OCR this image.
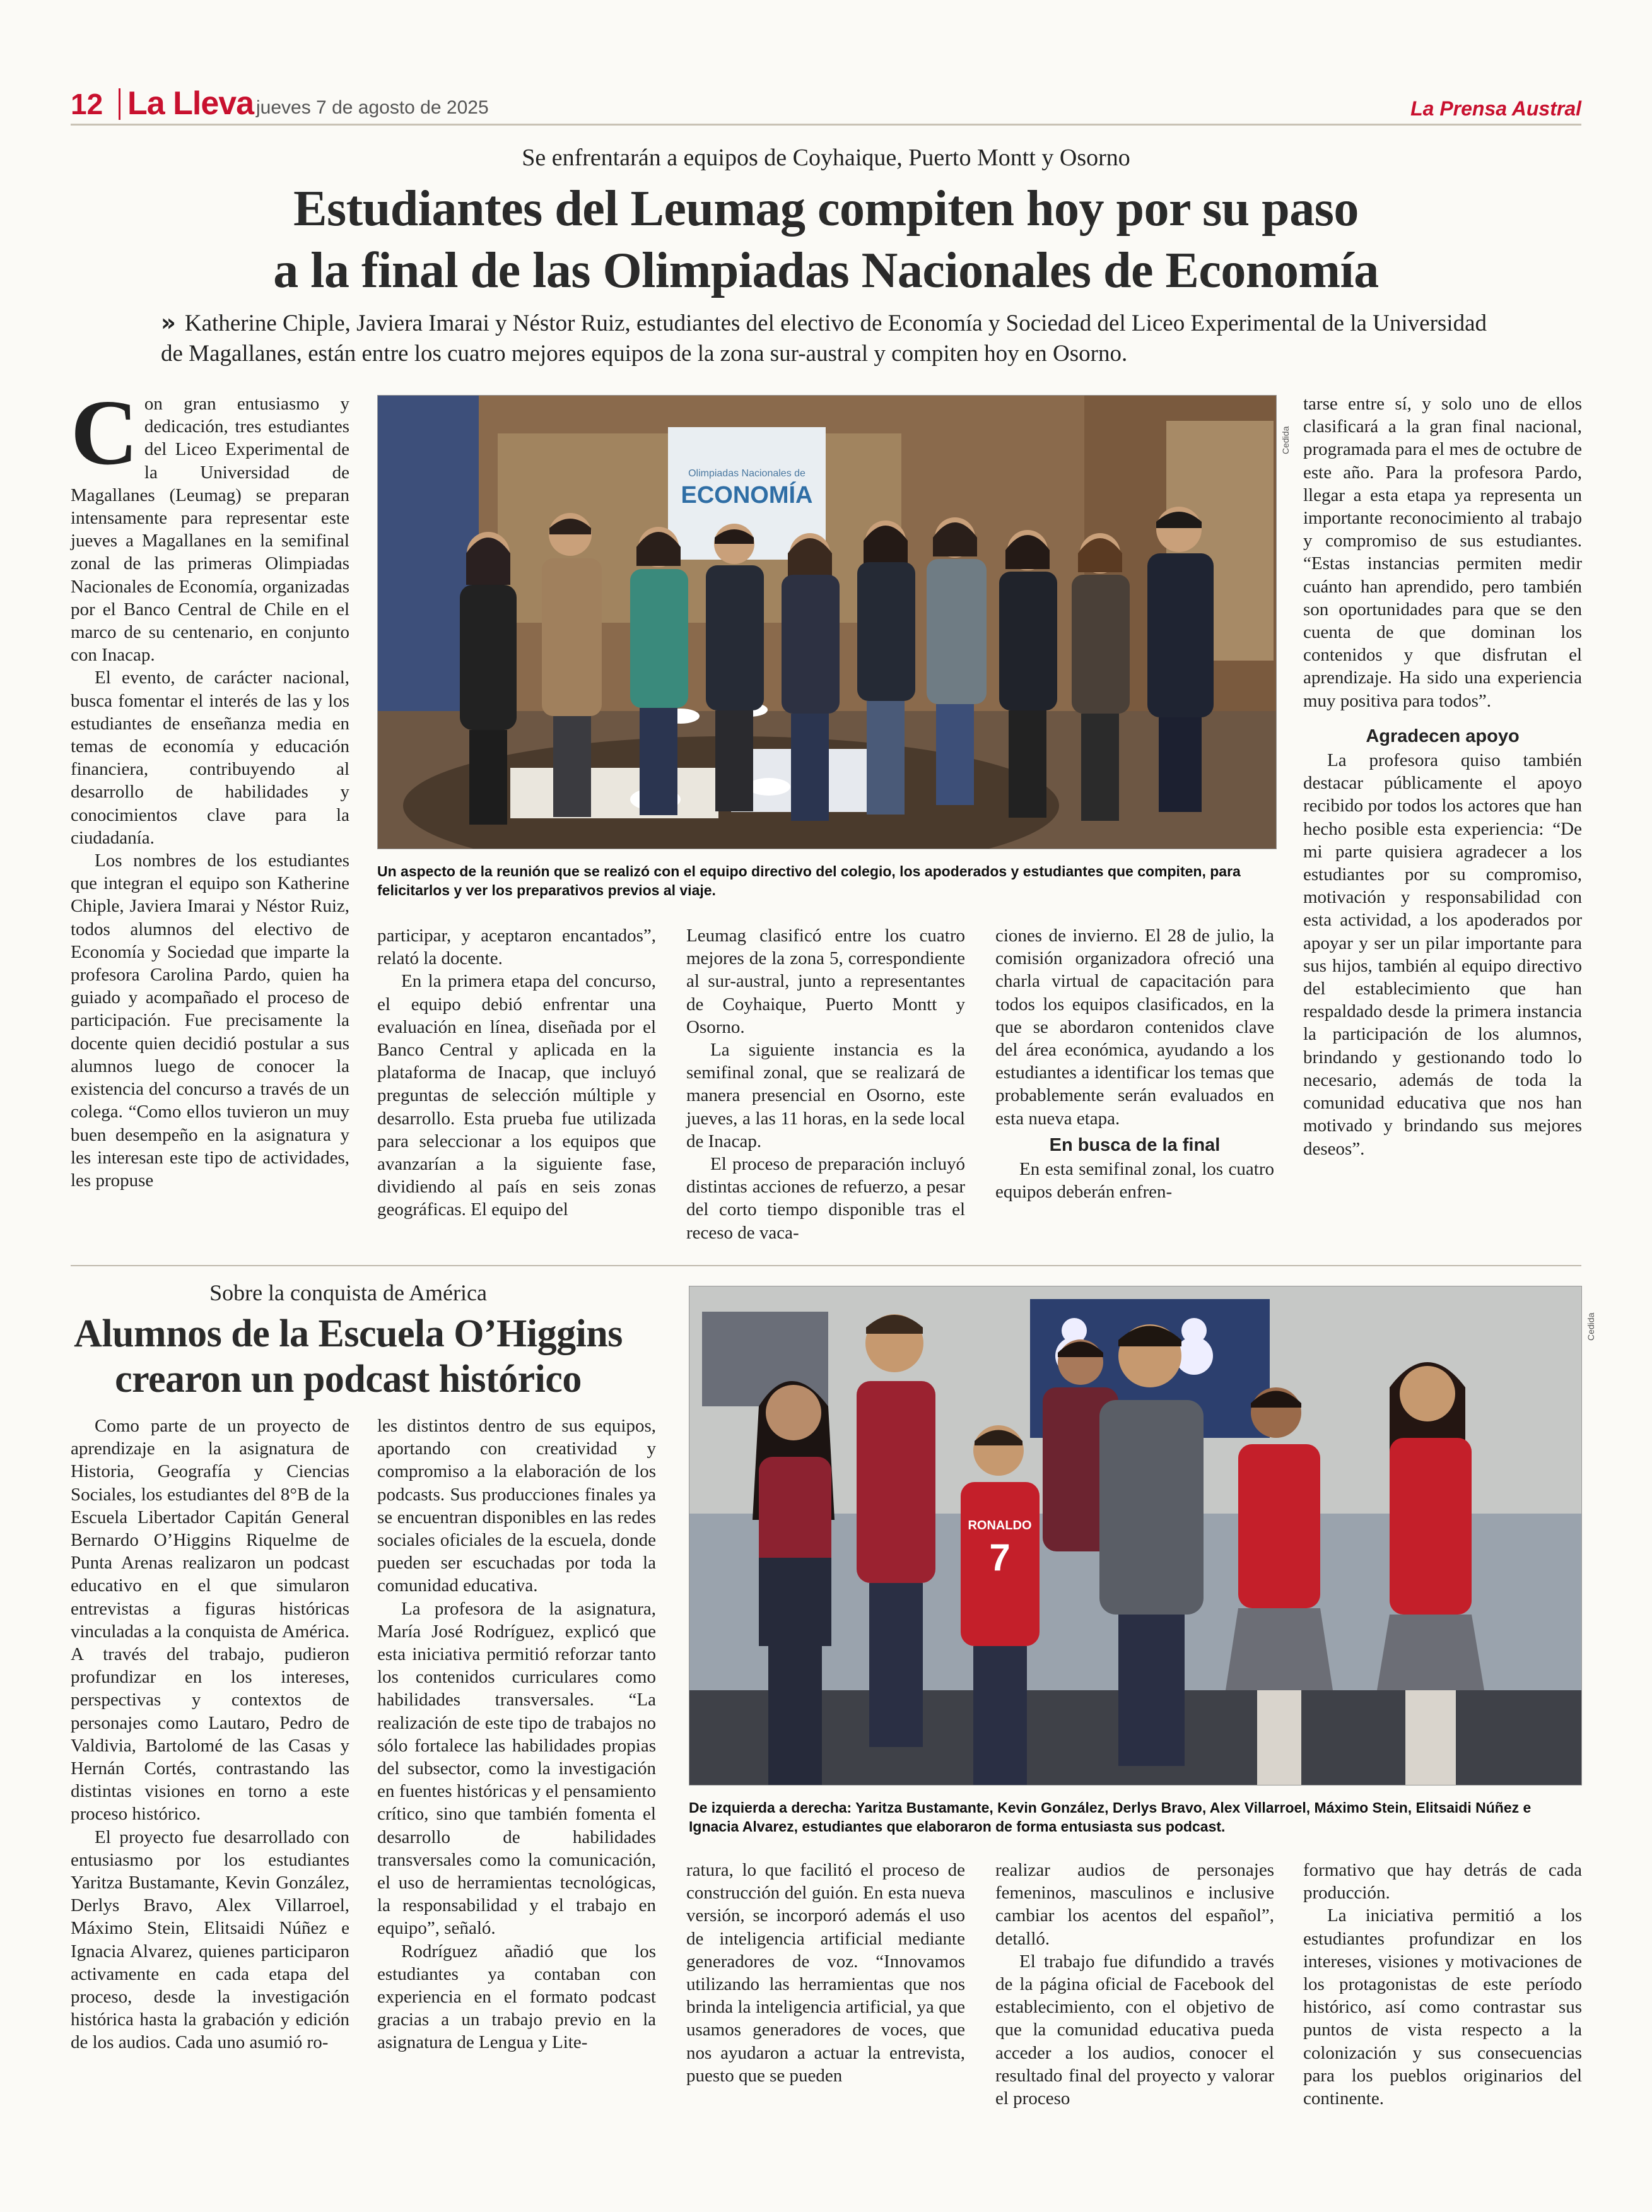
12 La Lleva jueves 7 de agosto de 2025	La Prensa Austral
Se enfrentarán a equipos de Coyhaique, Puerto Montt y Osorno
Estudiantes del Leumag compiten hoy por su paso
a la final de las Olimpiadas Nacionales de Economía
» Katherine Chiple, Javiera Imarai y Néstor Ruiz, estudiantes del electivo de Economía y Sociedad del Liceo Experimental de la Universidad de Magallanes, están entre los cuatro mejores equipos de la zona sur-austral y compiten hoy en Osorno.
C on gran entusiasmo y dedicación, tres estudiantes del Liceo Experimental de la Universidad de Magallanes (Leumag) se preparan intensamente para representar este jueves a Magallanes en la semifinal zonal de las primeras Olimpiadas Nacionales de Economía, organizadas por el Banco Central de Chile en el marco de su centenario, en conjunto con Inacap.

El evento, de carácter nacional, busca fomentar el interés de las y los estudiantes de enseñanza media en temas de economía y educación financiera, contribuyendo al desarrollo de habilidades y conocimientos clave para la ciudadanía.

Los nombres de los estudiantes que integran el equipo son Katherine Chiple, Javiera Imarai y Néstor Ruiz, todos alumnos del electivo de Economía y Sociedad que imparte la profesora Carolina Pardo, quien ha guiado y acompañado el proceso de participación. Fue precisamente la docente quien decidió postular a sus alumnos luego de conocer la existencia del concurso a través de un colega. “Como ellos tuvieron un muy buen desempeño en la asignatura y les interesan este tipo de actividades, les propuse

Olimpiadas Nacionales de
ECONOMÍA
Cedida
Un aspecto de la reunión que se realizó con el equipo directivo del colegio, los apoderados y estudiantes que compiten, para felicitarlos y ver los preparativos previos al viaje.

participar, y aceptaron encantados”, relató la docente.

En la primera etapa del concurso, el equipo debió enfrentar una evaluación en línea, diseñada por el Banco Central y aplicada en la plataforma de Inacap, que incluyó preguntas de selección múltiple y desarrollo. Esta prueba fue utilizada para seleccionar a los equipos que avanzarían a la siguiente fase, dividiendo al país en seis zonas geográficas. El equipo del

Leumag clasificó entre los cuatro mejores de la zona 5, correspondiente al sur-austral, junto a representantes de Coyhaique, Puerto Montt y Osorno.

La siguiente instancia es la semifinal zonal, que se realizará de manera presencial en Osorno, este jueves, a las 11 horas, en la sede local de Inacap.

El proceso de preparación incluyó distintas acciones de refuerzo, a pesar del corto tiempo disponible tras el receso de vaca-

ciones de invierno. El 28 de julio, la comisión organizadora ofreció una charla virtual de capacitación para todos los equipos clasificados, en la que se abordaron contenidos clave del área económica, ayudando a los estudiantes a identificar los temas que probablemente serán evaluados en esta nueva etapa.

En busca de la final

En esta semifinal zonal, los cuatro equipos deberán enfren-

tarse entre sí, y solo uno de ellos clasificará a la gran final nacional, programada para el mes de octubre de este año. Para la profesora Pardo, llegar a esta etapa ya representa un importante reconocimiento al trabajo y compromiso de sus estudiantes. “Estas instancias permiten medir cuánto han aprendido, pero también son oportunidades para que se den cuenta de que dominan los contenidos y que disfrutan el aprendizaje. Ha sido una experiencia muy positiva para todos”.

Agradecen apoyo

La profesora quiso también destacar públicamente el apoyo recibido por todos los actores que han hecho posible esta experiencia: “De mi parte quisiera agradecer a los estudiantes por su compromiso, motivación y responsabilidad con esta actividad, a los apoderados por apoyar y ser un pilar importante para sus hijos, también al equipo directivo del establecimiento que han respaldado desde la primera instancia la participación de los alumnos, brindando y gestionando todo lo necesario, además de toda la comunidad educativa que nos han motivado y brindando sus mejores deseos”.

Sobre la conquista de América
Alumnos de la Escuela O’Higgins
crearon un podcast histórico

Como parte de un proyecto de aprendizaje en la asignatura de Historia, Geografía y Ciencias Sociales, los estudiantes del 8°B de la Escuela Libertador Capitán General Bernardo O’Higgins Riquelme de Punta Arenas realizaron un podcast educativo en el que simularon entrevistas a figuras históricas vinculadas a la conquista de América. A través del trabajo, pudieron profundizar en los intereses, perspectivas y contextos de personajes como Lautaro, Pedro de Valdivia, Bartolomé de las Casas y Hernán Cortés, contrastando las distintas visiones en torno a este proceso histórico.

El proyecto fue desarrollado con entusiasmo por los estudiantes Yaritza Bustamante, Kevin González, Derlys Bravo, Alex Villarroel, Máximo Stein, Elitsaidi Núñez e Ignacia Alvarez, quienes participaron activamente en cada etapa del proceso, desde la investigación histórica hasta la grabación y edición de los audios. Cada uno asumió ro-

les distintos dentro de sus equipos, aportando con creatividad y compromiso a la elaboración de los podcasts. Sus producciones finales ya se encuentran disponibles en las redes sociales oficiales de la escuela, donde pueden ser escuchadas por toda la comunidad educativa.

La profesora de la asignatura, María José Rodríguez, explicó que esta iniciativa permitió reforzar tanto los contenidos curriculares como habilidades transversales. “La realización de este tipo de trabajos no sólo fortalece las habilidades propias del subsector, como la investigación en fuentes históricas y el pensamiento crítico, sino que también fomenta el desarrollo de habilidades transversales como la comunicación, el uso de herramientas tecnológicas, la responsabilidad y el trabajo en equipo”, señaló.

Rodríguez añadió que los estudiantes ya contaban con experiencia en el formato podcast gracias a un trabajo previo en la asignatura de Lengua y Lite-

RONALDO
7
Cedida
De izquierda a derecha: Yaritza Bustamante, Kevin González, Derlys Bravo, Alex Villarroel, Máximo Stein, Elitsaidi Núñez e Ignacia Alvarez, estudiantes que elaboraron de forma entusiasta sus podcast.

ratura, lo que facilitó el proceso de construcción del guión. En esta nueva versión, se incorporó además el uso de inteligencia artificial mediante generadores de voz. “Innovamos utilizando las herramientas que nos brinda la inteligencia artificial, ya que usamos generadores de voces, que nos ayudaron a actuar la entrevista, puesto que se pueden

realizar audios de personajes femeninos, masculinos e inclusive cambiar los acentos del español”, detalló.

El trabajo fue difundido a través de la página oficial de Facebook del establecimiento, con el objetivo de que la comunidad educativa pueda acceder a los audios, conocer el resultado final del proyecto y valorar el proceso

formativo que hay detrás de cada producción.

La iniciativa permitió a los estudiantes profundizar en los intereses, visiones y motivaciones de los protagonistas de este período histórico, así como contrastar sus puntos de vista respecto a la colonización y sus consecuencias para los pueblos originarios del continente.
